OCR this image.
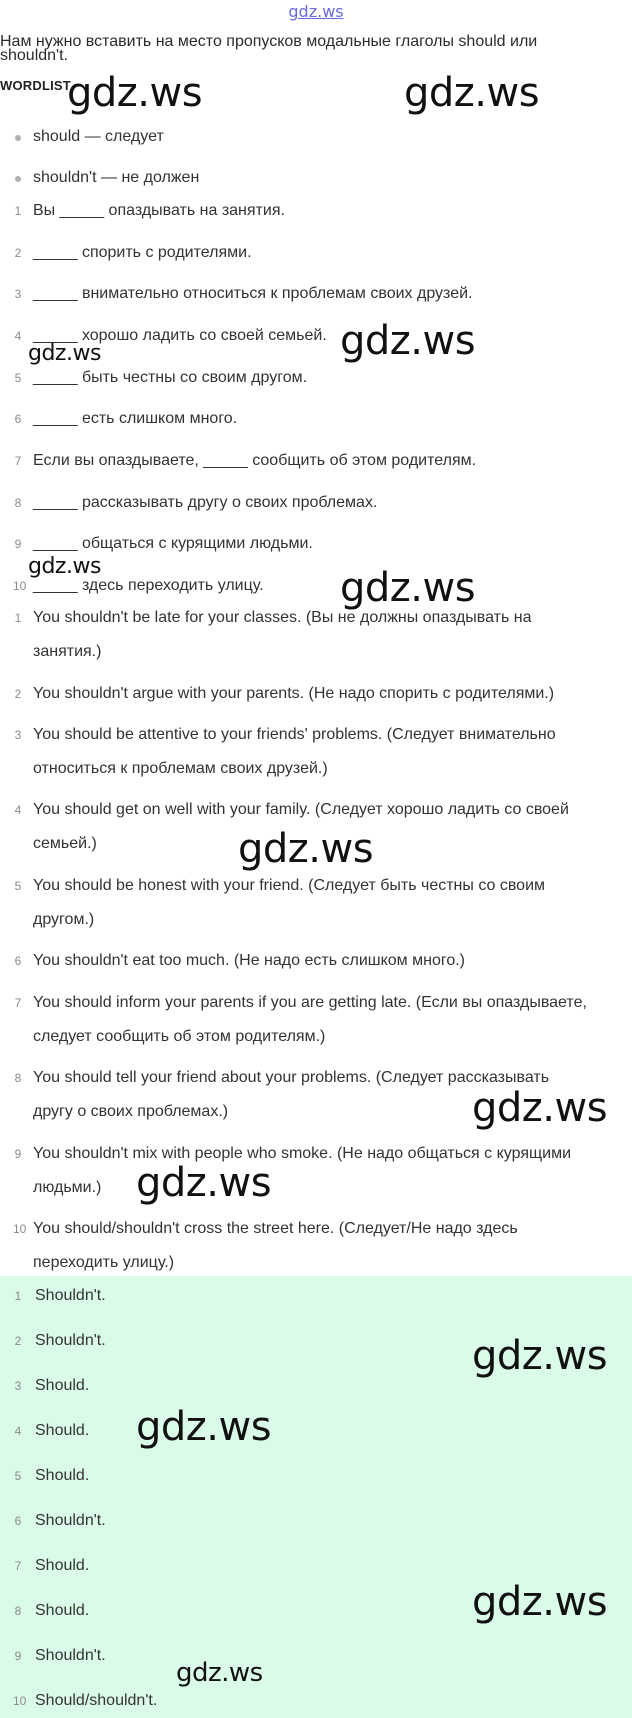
gdz.ws
Нам нужно вставить на место пропусков модальные глаголы should или
shouldn't.
WORDLIST
should — следует
shouldn't — не должен
1 Вы _____ опаздывать на занятия.
2 _____ спорить с родителями.
3 _____ внимательно относиться к проблемам своих друзей.
4 _____ хорошо ладить со своей семьей.
5 _____ быть честны со своим другом.
6 _____ есть слишком много.
7 Если вы опаздываете, _____ сообщить об этом родителям.
8 _____ рассказывать другу о своих проблемах.
9 _____ общаться с курящими людьми.
10 _____ здесь переходить улицу.
1 You shouldn't be late for your classes. (Вы не должны опаздывать на
занятия.)
2 You shouldn't argue with your parents. (Не надо спорить с родителями.)
3 You should be attentive to your friends' problems. (Следует внимательно
относиться к проблемам своих друзей.)
4 You should get on well with your family. (Следует хорошо ладить со своей
семьей.)
5 You should be honest with your friend. (Следует быть честны со своим
другом.)
6 You shouldn't eat too much. (Не надо есть слишком много.)
7 You should inform your parents if you are getting late. (Если вы опаздываете,
следует сообщить об этом родителям.)
8 You should tell your friend about your problems. (Следует рассказывать
другу о своих проблемах.)
9 You shouldn't mix with people who smoke. (Не надо общаться с курящими
людьми.)
10 You should/shouldn't cross the street here. (Следует/Не надо здесь
переходить улицу.)
1 Shouldn't.
2 Shouldn't.
3 Should.
4 Should.
5 Should.
6 Shouldn't.
7 Should.
8 Should.
9 Shouldn't.
10 Should/shouldn't.
gdz.ws	gdz.ws
gdz.ws
gdz.ws
gdz.ws	gdz.ws
gdz.ws
gdz.ws
gdz.ws
gdz.ws
gdz.ws
gdz.ws
gdz.ws
